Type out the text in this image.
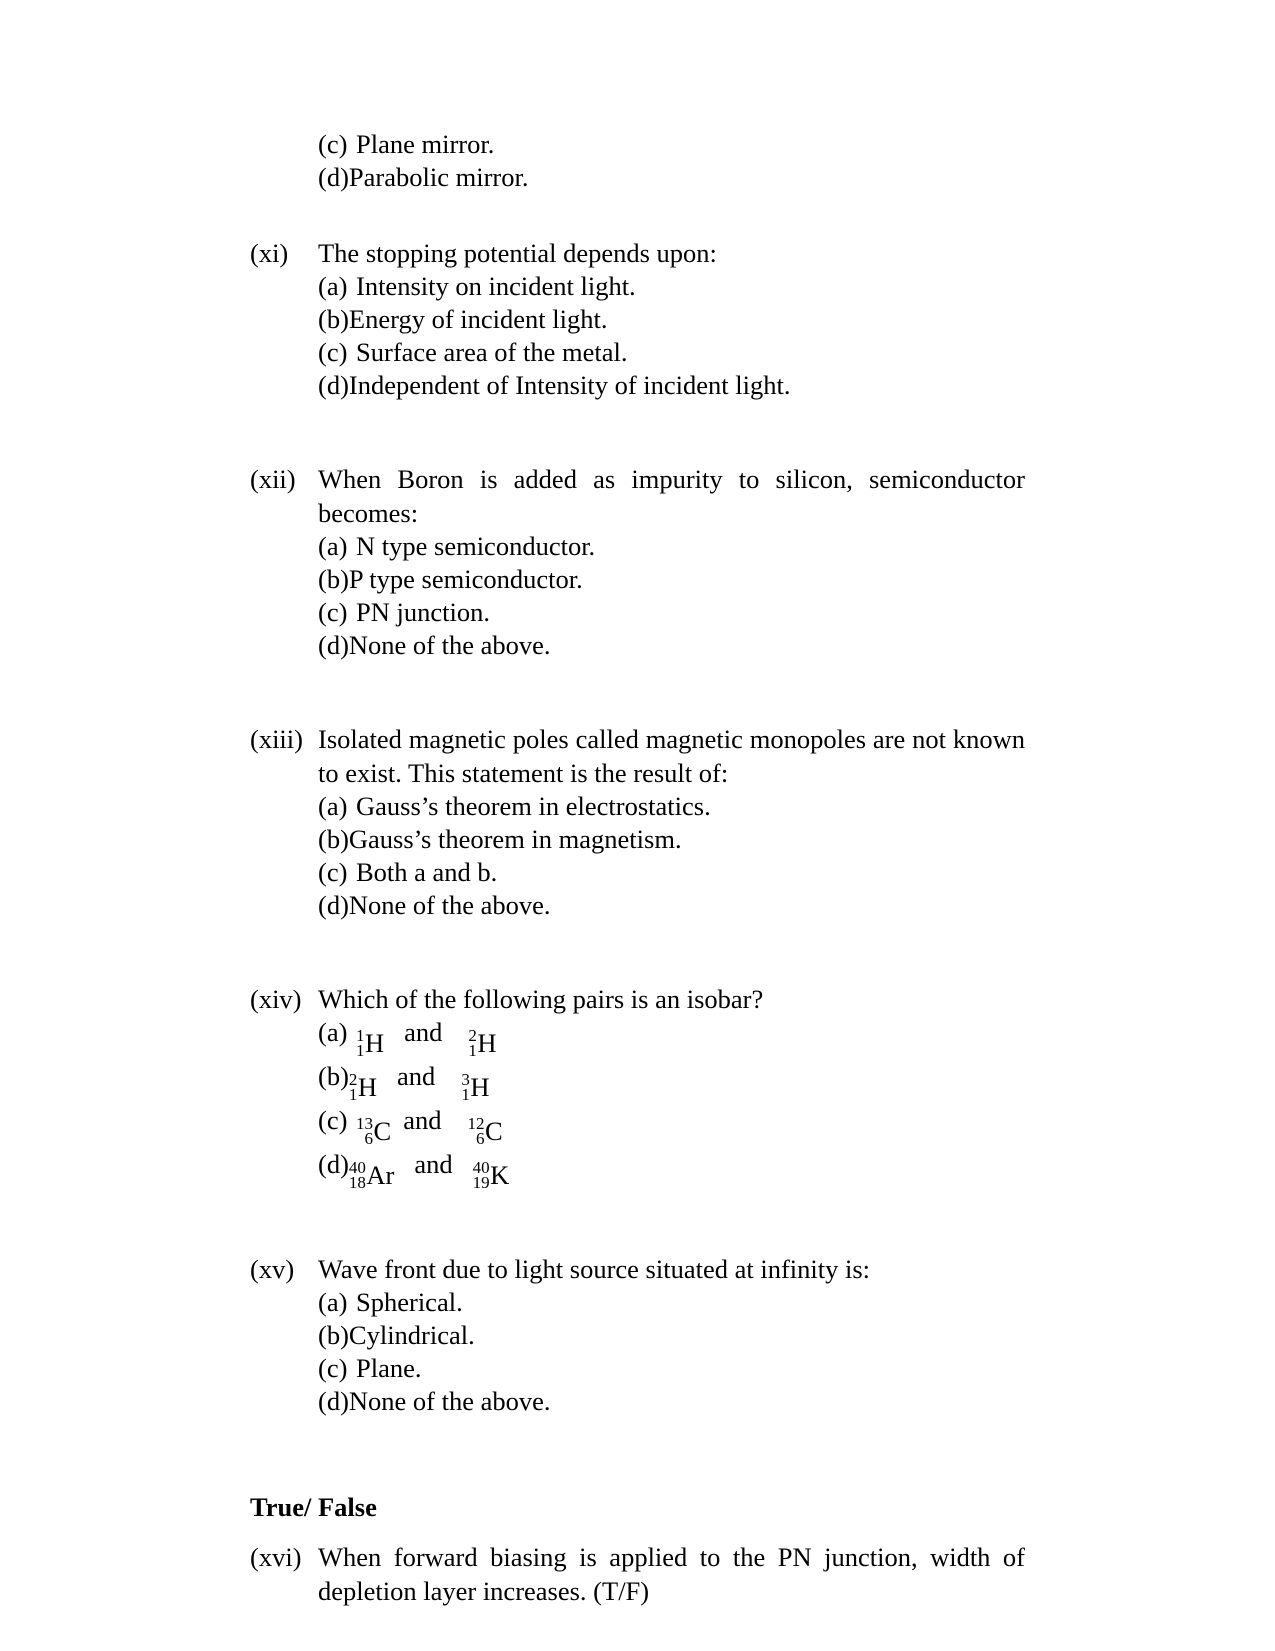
(c) Plane mirror.
(d) Parabolic mirror.
(xi)	The stopping potential depends upon:
(a) Intensity on incident light.
(b) Energy of incident light.
(c) Surface area of the metal.
(d) Independent of Intensity of incident light.
(xii) When Boron is added as impurity to silicon, semiconductor becomes:
(a) N type semiconductor.
(b) P type semiconductor.
(c) PN junction.
(d) None of the above.
(xiii) Isolated magnetic poles called magnetic monopoles are not known to exist. This statement is the result of:
(a) Gauss’s theorem in electrostatics.
(b) Gauss’s theorem in magnetism.
(c) Both a and b.
(d) None of the above.
(xiv) Which of the following pairs is an isobar?
(a) 1
1 H and 2
1 H
(b) 2
1 H and 3
1 H
(c) 13
6 C and 12
6 C
(d) 40
18 Ar and 40
19 K
(xv) Wave front due to light source situated at infinity is:
(a) Spherical.
(b) Cylindrical.
(c) Plane.
(d) None of the above.
True/ False
(xvi) When forward biasing is applied to the PN junction, width of depletion layer increases. (T/F)
